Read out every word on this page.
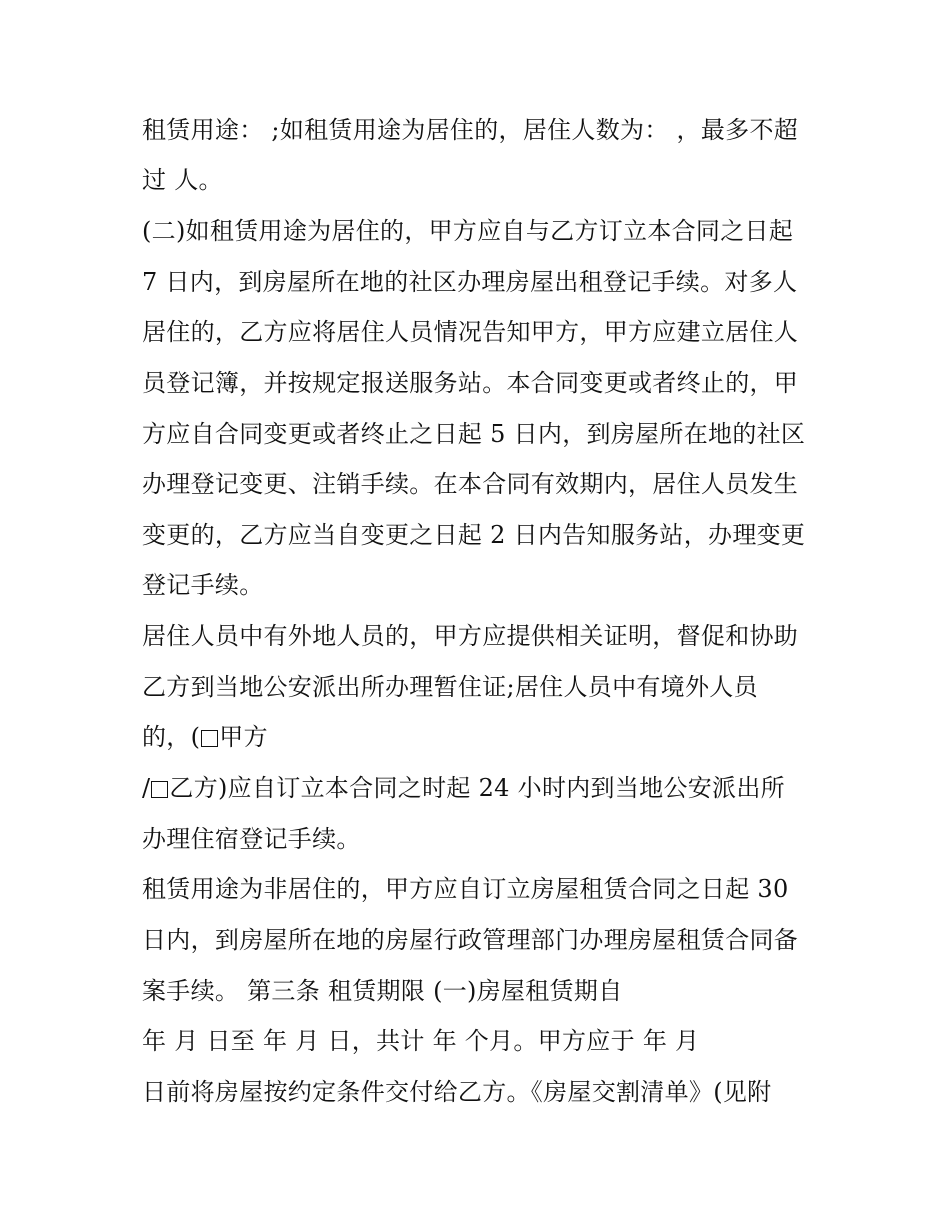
租赁用途： ;如租赁用途为居住的，居住人数为： ，最多不超
过 人。
(二)如租赁用途为居住的，甲方应自与乙方订立本合同之日起
7 日内，到房屋所在地的社区办理房屋出租登记手续。对多人
居住的，乙方应将居住人员情况告知甲方，甲方应建立居住人
员登记簿，并按规定报送服务站。本合同变更或者终止的，甲
方应自合同变更或者终止之日起 5 日内，到房屋所在地的社区
办理登记变更、注销手续。在本合同有效期内，居住人员发生
变更的，乙方应当自变更之日起 2 日内告知服务站，办理变更
登记手续。
居住人员中有外地人员的，甲方应提供相关证明，督促和协助
乙方到当地公安派出所办理暂住证;居住人员中有境外人员
的，( 甲方
/ 乙方)应自订立本合同之时起 24 小时内到当地公安派出所
办理住宿登记手续。
租赁用途为非居住的，甲方应自订立房屋租赁合同之日起 30
日内，到房屋所在地的房屋行政管理部门办理房屋租赁合同备
案手续。 第三条 租赁期限 (一)房屋租赁期自
年 月 日至 年 月 日，共计 年 个月。甲方应于 年 月
日前将房屋按约定条件交付给乙方。《房屋交割清单》(见附
